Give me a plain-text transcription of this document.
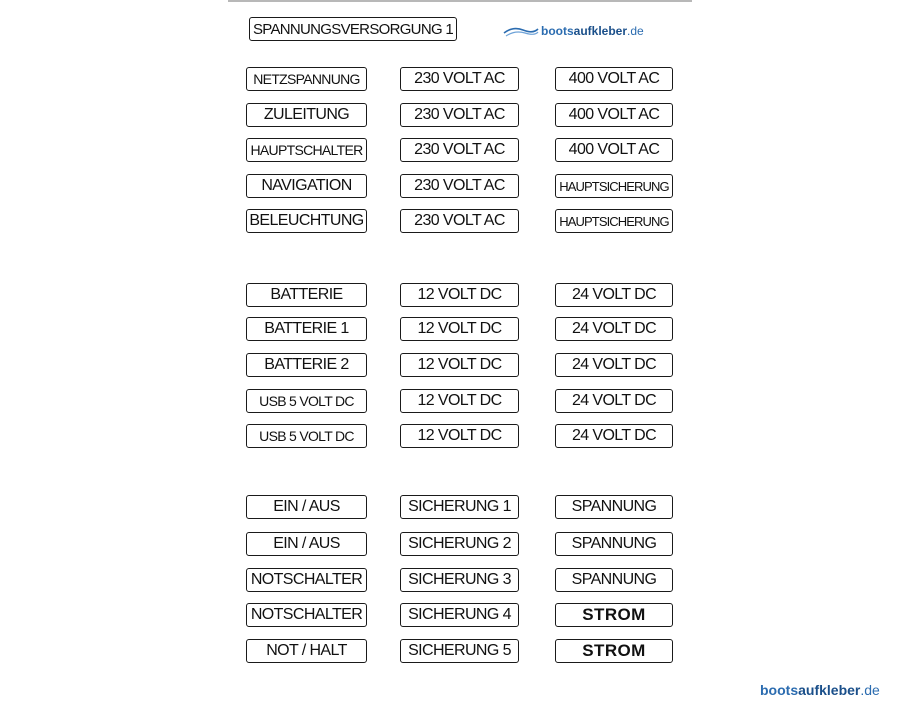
SPANNUNGSVERSORGUNG 1	boots aufkleber .de
NETZSPANNUNG	230 VOLT AC	400 VOLT AC
ZULEITUNG	230 VOLT AC	400 VOLT AC
HAUPTSCHALTER	230 VOLT AC	400 VOLT AC
NAVIGATION	230 VOLT AC	HAUPTSICHERUNG
BELEUCHTUNG	230 VOLT AC	HAUPTSICHERUNG
BATTERIE	12 VOLT DC	24 VOLT DC
BATTERIE 1	12 VOLT DC	24 VOLT DC
BATTERIE 2	12 VOLT DC	24 VOLT DC
USB 5 VOLT DC	12 VOLT DC	24 VOLT DC
USB 5 VOLT DC	12 VOLT DC	24 VOLT DC
EIN / AUS	SICHERUNG 1	SPANNUNG
EIN / AUS	SICHERUNG 2	SPANNUNG
NOTSCHALTER	SICHERUNG 3	SPANNUNG
NOTSCHALTER	SICHERUNG 4	STROM
NOT / HALT	SICHERUNG 5	STROM
boots aufkleber .de
